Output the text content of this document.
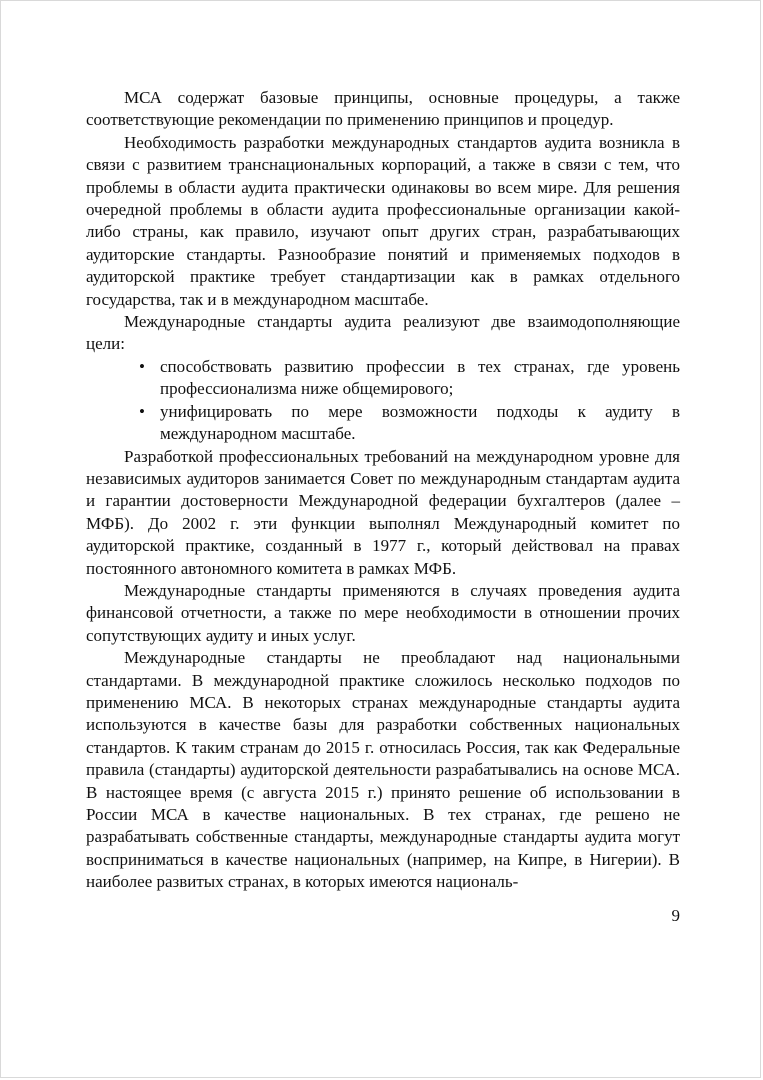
МСА содержат базовые принципы, основные процедуры, а также соответствующие рекомендации по применению принципов и процедур.

Необходимость разработки международных стандартов аудита возникла в связи с развитием транснациональных корпораций, а также в связи с тем, что проблемы в области аудита практически одинаковы во всем мире. Для решения очередной проблемы в области аудита профессиональные организации какой-либо страны, как правило, изучают опыт других стран, разрабатывающих аудиторские стандарты. Разнообразие понятий и применяемых подходов в аудиторской практике требует стандартизации как в рамках отдельного государства, так и в международном масштабе.

Международные стандарты аудита реализуют две взаимодополняющие цели:

• способствовать развитию профессии в тех странах, где уровень профессионализма ниже общемирового;
• унифицировать по мере возможности подходы к аудиту в международном масштабе.

Разработкой профессиональных требований на международном уровне для независимых аудиторов занимается Совет по международным стандартам аудита и гарантии достоверности Международной федерации бухгалтеров (далее – МФБ). До 2002 г. эти функции выполнял Международный комитет по аудиторской практике, созданный в 1977 г., который действовал на правах постоянного автономного комитета в рамках МФБ.

Международные стандарты применяются в случаях проведения аудита финансовой отчетности, а также по мере необходимости в отношении прочих сопутствующих аудиту и иных услуг.

Международные стандарты не преобладают над национальными стандартами. В международной практике сложилось несколько подходов по применению МСА. В некоторых странах международные стандарты аудита используются в качестве базы для разработки собственных национальных стандартов. К таким странам до 2015 г. относилась Россия, так как Федеральные правила (стандарты) аудиторской деятельности разрабатывались на основе МСА. В настоящее время (с августа 2015 г.) принято решение об использовании в России МСА в качестве национальных. В тех странах, где решено не разрабатывать собственные стандарты, международные стандарты аудита могут восприниматься в качестве национальных (например, на Кипре, в Нигерии). В наиболее развитых странах, в которых имеются националь-

9
